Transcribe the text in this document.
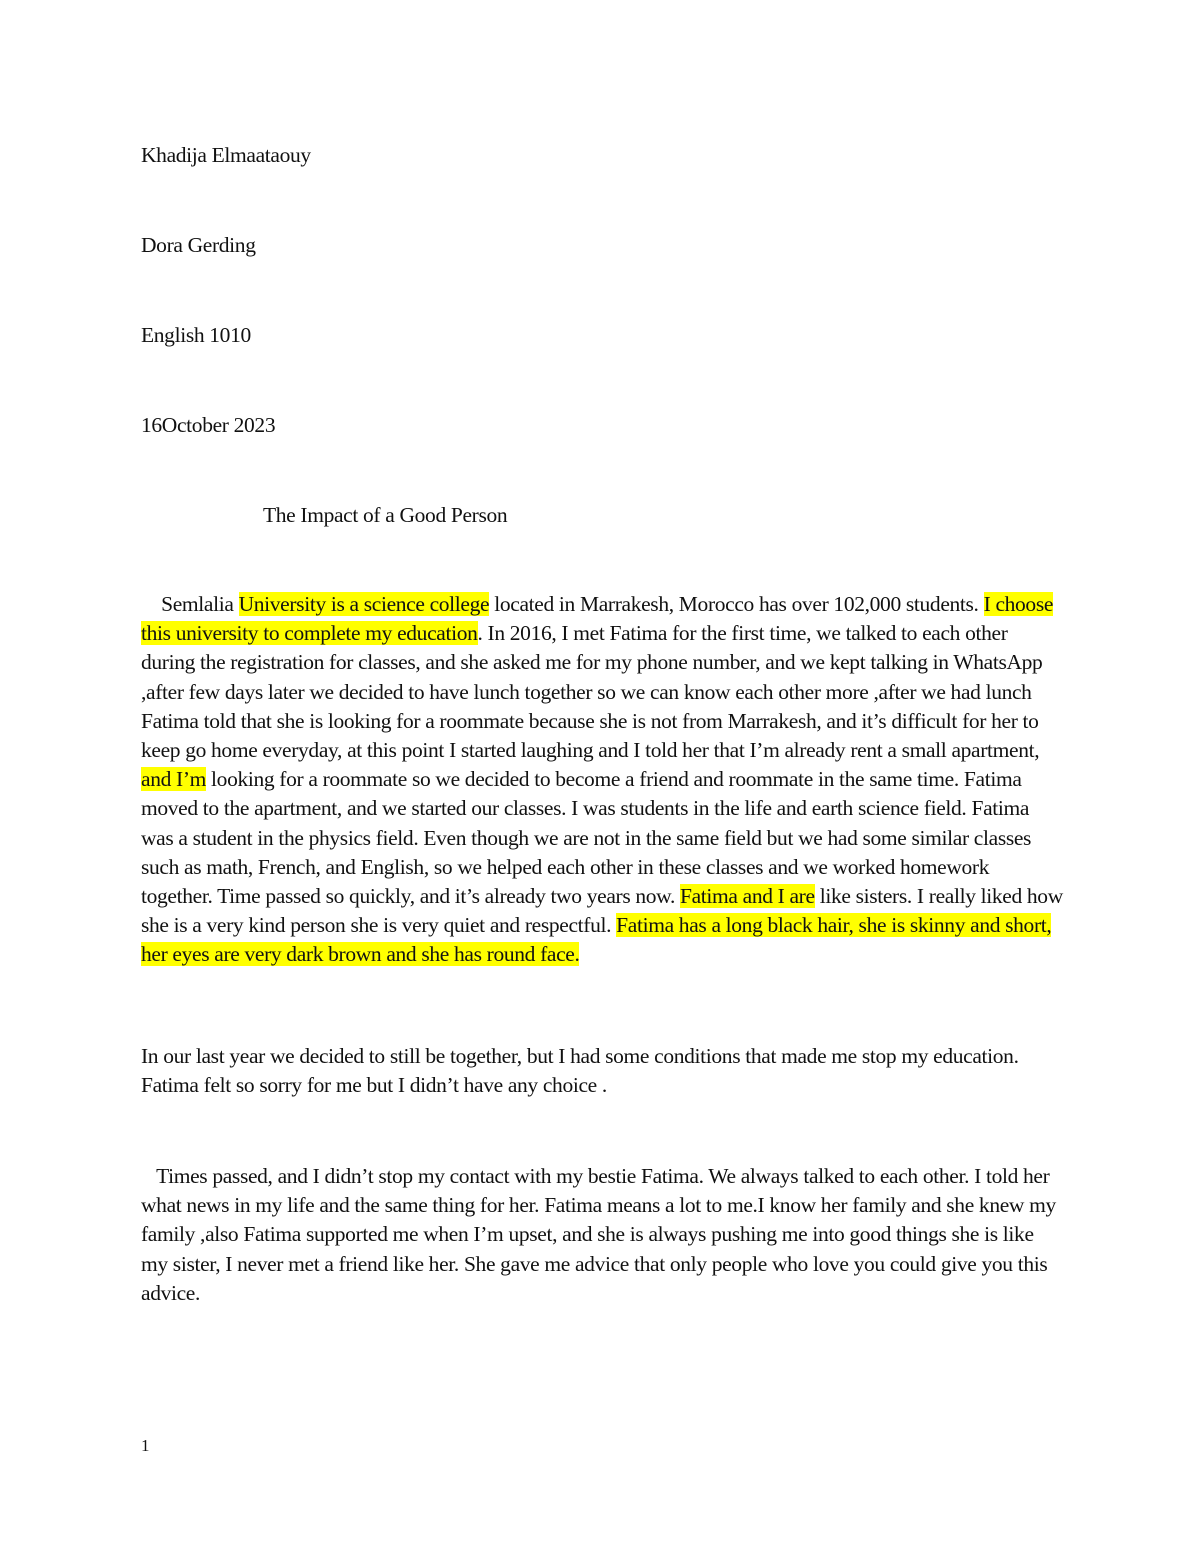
Khadija Elmaataouy

Dora Gerding

English 1010

16October 2023

The Impact of a Good Person

Semlalia University is a science college located in Marrakesh, Morocco has over 102,000 students. I choose this university to complete my education. In 2016, I met Fatima for the first time, we talked to each other during the registration for classes, and she asked me for my phone number, and we kept talking in WhatsApp ,after few days later we decided to have lunch together so we can know each other more ,after we had lunch Fatima told that she is looking for a roommate because she is not from Marrakesh, and it’s difficult for her to keep go home everyday, at this point I started laughing and I told her that I’m already rent a small apartment, and I’m looking for a roommate so we decided to become a friend and roommate in the same time. Fatima moved to the apartment, and we started our classes. I was students in the life and earth science field. Fatima was a student in the physics field. Even though we are not in the same field but we had some similar classes such as math, French, and English, so we helped each other in these classes and we worked homework together. Time passed so quickly, and it’s already two years now. Fatima and I are like sisters. I really liked how she is a very kind person she is very quiet and respectful. Fatima has a long black hair, she is skinny and short, her eyes are very dark brown and she has round face.

In our last year we decided to still be together, but I had some conditions that made me stop my education. Fatima felt so sorry for me but I didn’t have any choice .

Times passed, and I didn’t stop my contact with my bestie Fatima. We always talked to each other. I told her what news in my life and the same thing for her. Fatima means a lot to me.I know her family and she knew my family ,also Fatima supported me when I’m upset, and she is always pushing me into good things she is like my sister, I never met a friend like her. She gave me advice that only people who love you could give you this advice.

1
